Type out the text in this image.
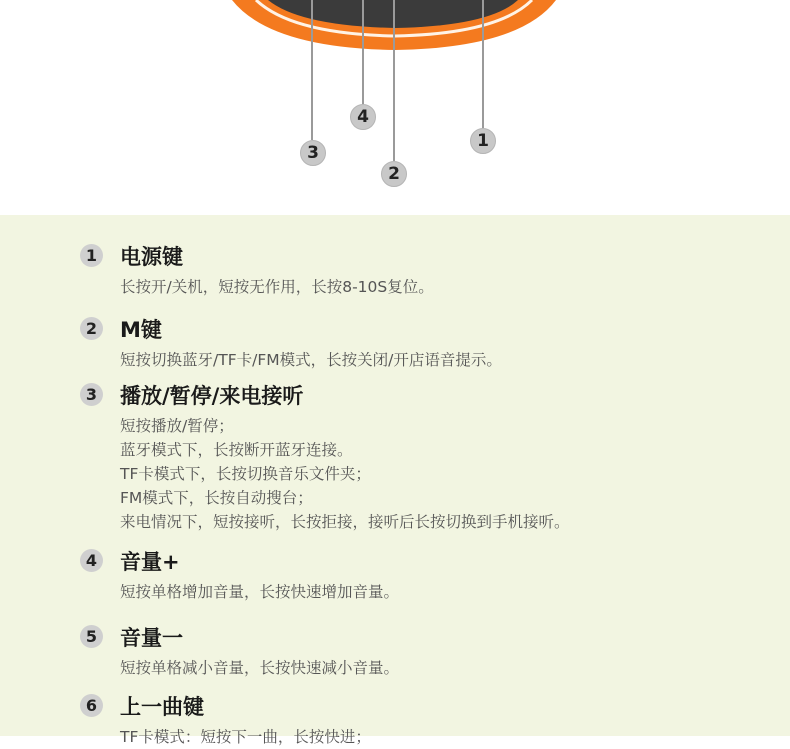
1
2
3
4
1 电源键
长按开/关机，短按无作用，长按8-10S复位。
2 M键
短按切换蓝牙/TF卡/FM模式，长按关闭/开店语音提示。
3 播放/暂停/来电接听
短按播放/暂停；
蓝牙模式下，长按断开蓝牙连接。
TF卡模式下，长按切换音乐文件夹；
FM模式下，长按自动搜台；
来电情况下，短按接听，长按拒接，接听后长按切换到手机接听。
4 音量+
短按单格增加音量，长按快速增加音量。
5 音量一
短按单格减小音量，长按快速减小音量。
6 上一曲键
TF卡模式：短按下一曲，长按快进；
